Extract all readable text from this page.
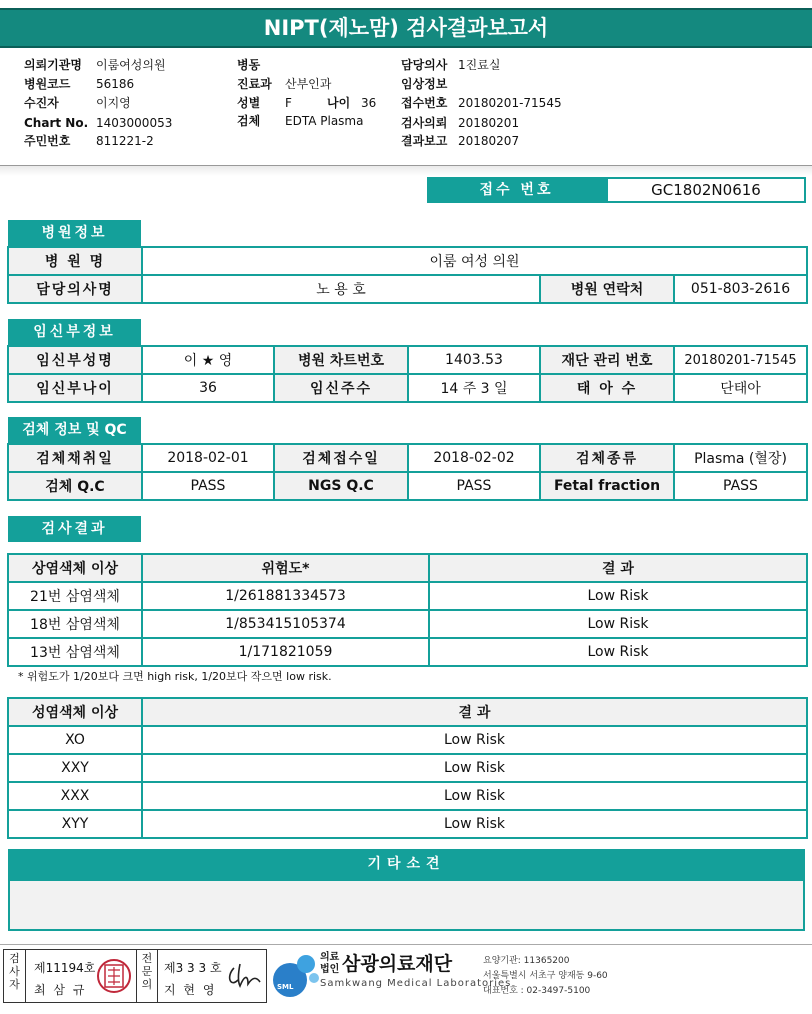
NIPT(제노맘) 검사결과보고서
의뢰기관명 이룸여성의원
병원코드 56186
수진자	이지영
Chart No. 1403000053
주민번호 811221-2
병동
진료과 산부인과
성별 F	나이 36
검체 EDTA Plasma
담당의사 1진료실
임상정보
접수번호 20180201-71545
검사의뢰 20180201
결과보고 20180207
접수 번호	GC1802N0616
병원정보
병 원 명	이룸 여성 의원		
담당의사명	노 용 호	병원 연락처	051-803-2616
임신부정보
임신부성명	이 ★ 영	병원 차트번호	1403.53	재단 관리 번호	20180201-71545
임신부나이	36	임신주수	14 주 3 일	태 아 수	단태아
검체 정보 및 QC
검체채취일	2018-02-01	검체접수일	2018-02-02	검체종류	Plasma (혈장)
검체 Q.C	PASS	NGS Q.C	PASS	Fetal fraction	PASS
검사결과
상염색체 이상	위험도*	결 과
21번 삼염색체	1/261881334573	Low Risk
18번 삼염색체	1/853415105374	Low Risk
13번 삼염색체	1/171821059	Low Risk
* 위험도가 1/20보다 크면 high risk, 1/20보다 작으면 low risk.
성염색체 이상	결 과
XO	Low Risk
XXY	Low Risk
XXX	Low Risk
XYY	Low Risk
기타소견
검사자
제11194호
최 삼 규
전문의
제3 3 3 호
지 현 영	SML
의료
법인 삼광의료재단
Samkwang Medical Laboratories
요양기관: 11365200
서울특별시 서초구 양재동 9-60
대표번호 : 02-3497-5100
